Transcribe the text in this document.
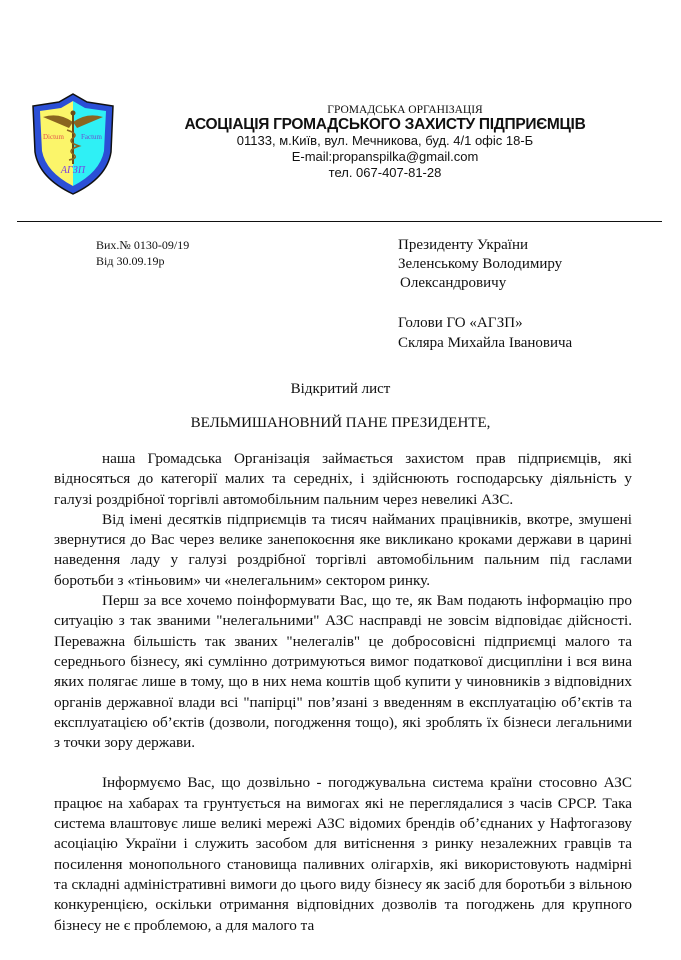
Dictum Factum
АГЗП
ГРОМАДСЬКА ОРГАНІЗАЦІЯ
АСОЦІАЦІЯ ГРОМАДСЬКОГО ЗАХИСТУ ПІДПРИЄМЦІВ
01133, м.Київ, вул. Мечникова, буд. 4/1 офіс 18-Б
E-mail:propanspilka@gmail.com
тел. 067-407-81-28
Вих.№ 0130-09/19
Від 30.09.19р
Президенту України
Зеленському Володимиру
Олександровичу
Голови ГО «АГЗП»
Скляра Михайла Івановича
Відкритий лист
ВЕЛЬМИШАНОВНИЙ ПАНЕ ПРЕЗИДЕНТЕ,

наша Громадська Організація займається захистом прав підприємців, які відносяться до категорії малих та середніх, і здійснюють господарську діяльність у галузі роздрібної торгівлі автомобільним пальним через невеликі АЗС.

Від імені десятків підприємців та тисяч найманих працівників, вкотре, змушені звернутися до Вас через велике занепокоєння яке викликано кроками держави в царині наведення ладу у галузі роздрібної торгівлі автомобільним пальним під гаслами боротьби з «тіньовим» чи «нелегальним» сектором ринку.

Перш за все хочемо поінформувати Вас, що те, як Вам подають інформацію про ситуацію з так званими "нелегальними" АЗС насправді не зовсім відповідає дійсності. Переважна більшість так званих "нелегалів" це добросовісні підприємці малого та середнього бізнесу, які сумлінно дотримуються вимог податкової дисципліни і вся вина яких полягає лише в тому, що в них нема коштів щоб купити у чиновників з відповідних органів державної влади всі "папірці" пов’язані з введенням в експлуатацію об’єктів та експлуатацією об’єктів (дозволи, погодження тощо), які зроблять їх бізнеси легальними з точки зору держави.

Інформуємо Вас, що дозвільно - погоджувальна система країни стосовно АЗС працює на хабарах та грунтується на вимогах які не переглядалися з часів СРСР. Така система влаштовує лише великі мережі АЗС відомих брендів об’єднаних у Нафтогазову асоціацію України і служить засобом для витіснення з ринку незалежних гравців та посилення монопольного становища паливних олігархів, які використовують надмірні та складні адміністративні вимоги до цього виду бізнесу як засіб для боротьби з вільною конкуренцією, оскільки отримання відповідних дозволів та погоджень для крупного бізнесу не є проблемою, а для малого та
